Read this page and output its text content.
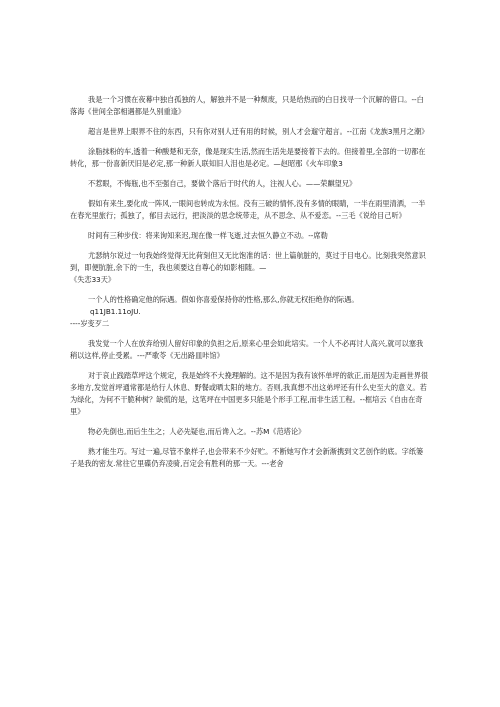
我是一个习惯在夜幕中独自孤独的人，解独并不是一种颓废，只是给热而的白日找寻一个沉解的借口。--白落海《世间全部相遇都是久别重逢》

超言是世界上眼界不住的东西，只有你对别人迁有用的时候，别人才会遛守超言。--江南《龙族3黑月之潮》

涂脂抹粉的车,透着一种酸楚和无奈，像是现实生活,然而生活先是要接着下去的。但接着里,全部的一切都在转化，那一份喜新厌旧是必定,那一种新人联知旧人泪也是必定。—赵昭那《火车印象3

不惹眼，不悔瓶,也不至强自己，要做个落后于时代的人，注视人心。——荣麒望兄》

假如有来生,要化成一阵风,一眼间也转成为永恒。没有三破的情怀,没有多情的眼睛，一半在雨里清洒，一半在春光里旅行；孤独了，郁目去远行，把淡淡的思念统带走，从不思念、从不爱恋。--三毛《说给目己听》

时间有三种步伐：将来询知来迟,现在像一样飞逝,过去恒久静立不动。--席勒

尤瑟纳尔说过一句我始终觉得无比荷刻但又无比饱准的话：世上篇航脏的，莫过于目电心。比刻我突然意识到，即便肮脏,余下的一生，我也须要这自尊心的如影相随。—

《失恋33天》

一个人的性格确定他的际遇。假如你喜爱保持你的性格,那么,你就无权拒绝你的际遇。

q11JB1.11oJU.

----岁变歹二

我发觉一个人在放弃给别人留好印象的负担之后,原来心里会如此培实。一个人不必再讨人高兴,就可以塞我稍以这样,停止受累。---严歌苓《无出路皿咔馆》

对于哀止践踏草坪这个规定，我是始终不大挽理解的。这不是因为我有该怀单坪的欲正,而是因为走画世界很多地方,发觉首坪通常都是给行人休息、野餐或晒太阳的地方。否则,我真想不出这弟坪还有什么史至大的意义。若为绿化，为何不干脆种树？缺慌的是，这笔坪在中国更多只能是个形手工程,而非生活工程。--框培云《自由在奇里》

物必先倒也,而后生生之；人必先疑也,而后谗入之。--苏M《范塔论》

熟才能生巧。写过一遍,尽管不象样子,也会带来不少好贮。不断她写作才会新渐携到文艺创作的底。字纸篓子是我的密友.常往它里碟仍弃凌骑,百定会有胜利的那一天。---老舍
